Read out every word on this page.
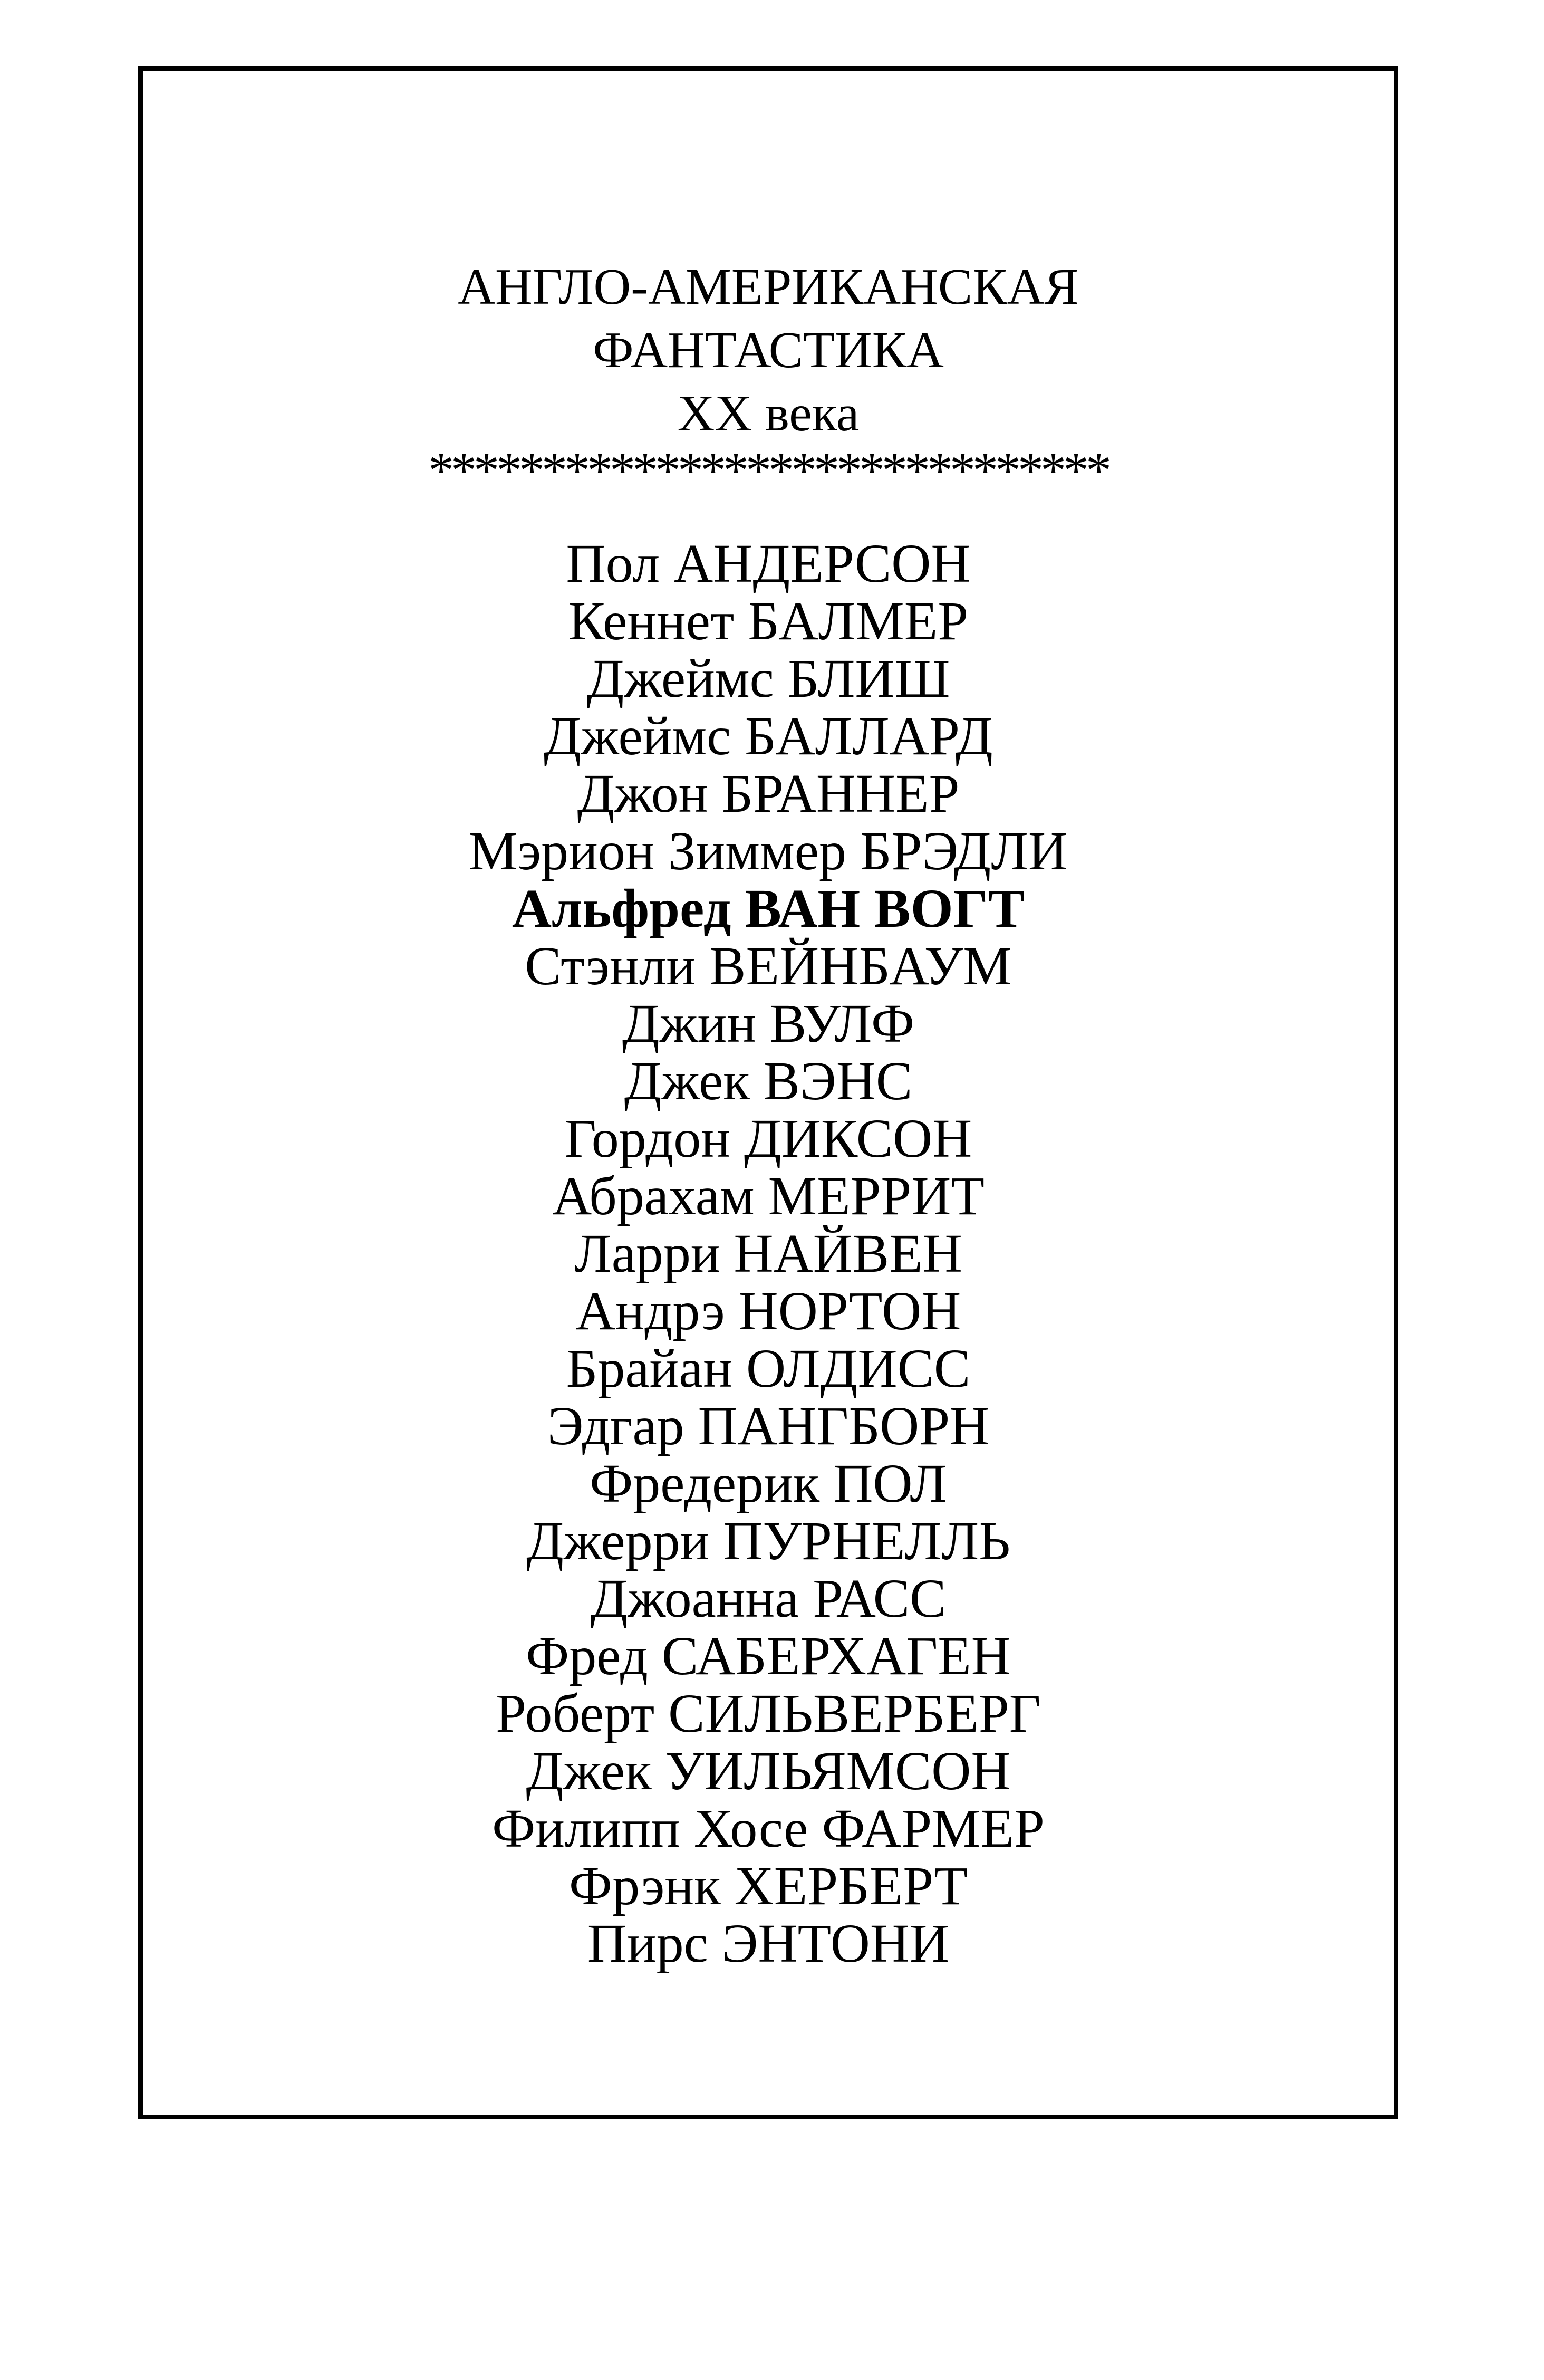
АНГЛО-АМЕРИКАНСКАЯ
ФАНТАСТИКА
XX века
******************************
Пол АНДЕРСОН
Кеннет БАЛМЕР
Джеймс БЛИШ
Джеймс БАЛЛАРД
Джон БРАННЕР
Мэрион Зиммер БРЭДЛИ
Альфред ВАН ВОГТ
Стэнли ВЕЙНБАУМ
Джин ВУЛФ
Джек ВЭНС
Гордон ДИКСОН
Абрахам МЕРРИТ
Ларри НАЙВЕН
Андрэ НОРТОН
Брайан ОЛДИСС
Эдгар ПАНГБОРН
Фредерик ПОЛ
Джерри ПУРНЕЛЛЬ
Джоанна РАСС
Фред САБЕРХАГЕН
Роберт СИЛЬВЕРБЕРГ
Джек УИЛЬЯМСОН
Филипп Хосе ФАРМЕР
Фрэнк ХЕРБЕРТ
Пирс ЭНТОНИ
